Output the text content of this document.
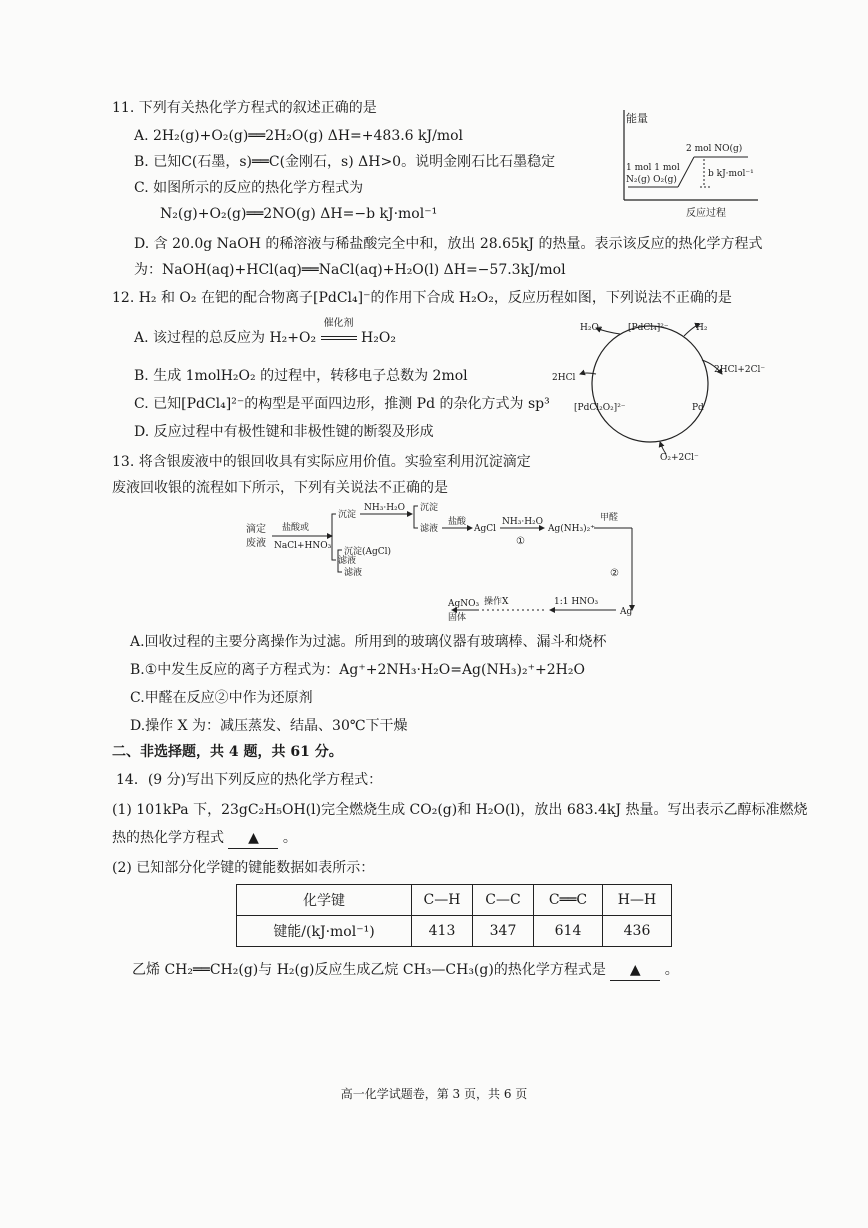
11. 下列有关热化学方程式的叙述正确的是
A. 2H₂(g)+O₂(g)══2H₂O(g) ΔH=+483.6 kJ/mol
B. 已知C(石墨，s)══C(金刚石，s) ΔH>0。说明金刚石比石墨稳定
C. 如图所示的反应的热化学方程式为
N₂(g)+O₂(g)══2NO(g) ΔH=−b kJ·mol⁻¹
D. 含 20.0g NaOH 的稀溶液与稀盐酸完全中和，放出 28.65kJ 的热量。表示该反应的热化学方程式
为：NaOH(aq)+HCl(aq)══NaCl(aq)+H₂O(l) ΔH=−57.3kJ/mol
能量
2 mol NO(g)
1 mol 1 mol
N₂(g) O₂(g)
b kJ·mol⁻¹
反应过程
12. H₂ 和 O₂ 在钯的配合物离子[PdCl₄]⁻的作用下合成 H₂O₂，反应历程如图，下列说法不正确的是
A. 该过程的总反应为 H₂+O₂
催化剂
H₂O₂
B. 生成 1molH₂O₂ 的过程中，转移电子总数为 2mol
C. 已知[PdCl₄]²⁻的构型是平面四边形，推测 Pd 的杂化方式为 sp³
D. 反应过程中有极性键和非极性键的断裂及形成
[PdCl₄]²⁻
H₂O₂	H₂
2HCl+2Cl⁻
Pd
O₂+2Cl⁻
[PdCl₂O₂]²⁻
2HCl
13. 将含银废液中的银回收具有实际应用价值。实验室利用沉淀滴定
废液回收银的流程如下所示，下列有关说法不正确的是
滴定
废液
盐酸或
NaCl+HNO₃
沉淀
滤液
NH₃·H₂O 沉淀
滤液
盐酸
AgCl
NH₃·H₂O
①
Ag(NH₃)₂⁺
甲醛
②
沉淀(AgCl)
滤液
Ag
1:1 HNO₃
操作X
AgNO₃
固体
A.回收过程的主要分离操作为过滤。所用到的玻璃仪器有玻璃棒、漏斗和烧杯
B.①中发生反应的离子方程式为：Ag⁺+2NH₃·H₂O=Ag(NH₃)₂⁺+2H₂O
C.甲醛在反应②中作为还原剂
D.操作 X 为：减压蒸发、结晶、30℃下干燥
二、非选择题，共 4 题，共 61 分。
14．(9 分)写出下列反应的热化学方程式：
(1) 101kPa 下，23gC₂H₅OH(l)完全燃烧生成 CO₂(g)和 H₂O(l)，放出 683.4kJ 热量。写出表示乙醇标准燃烧
热的热化学方程式 ▲ 。
(2) 已知部分化学键的键能数据如表所示：
化学键	C—H	C—C	C══C	H—H
键能/(kJ·mol⁻¹)	413	347	614	436
乙烯 CH₂══CH₂(g)与 H₂(g)反应生成乙烷 CH₃—CH₃(g)的热化学方程式是 ▲ 。
高一化学试题卷，第 3 页，共 6 页
